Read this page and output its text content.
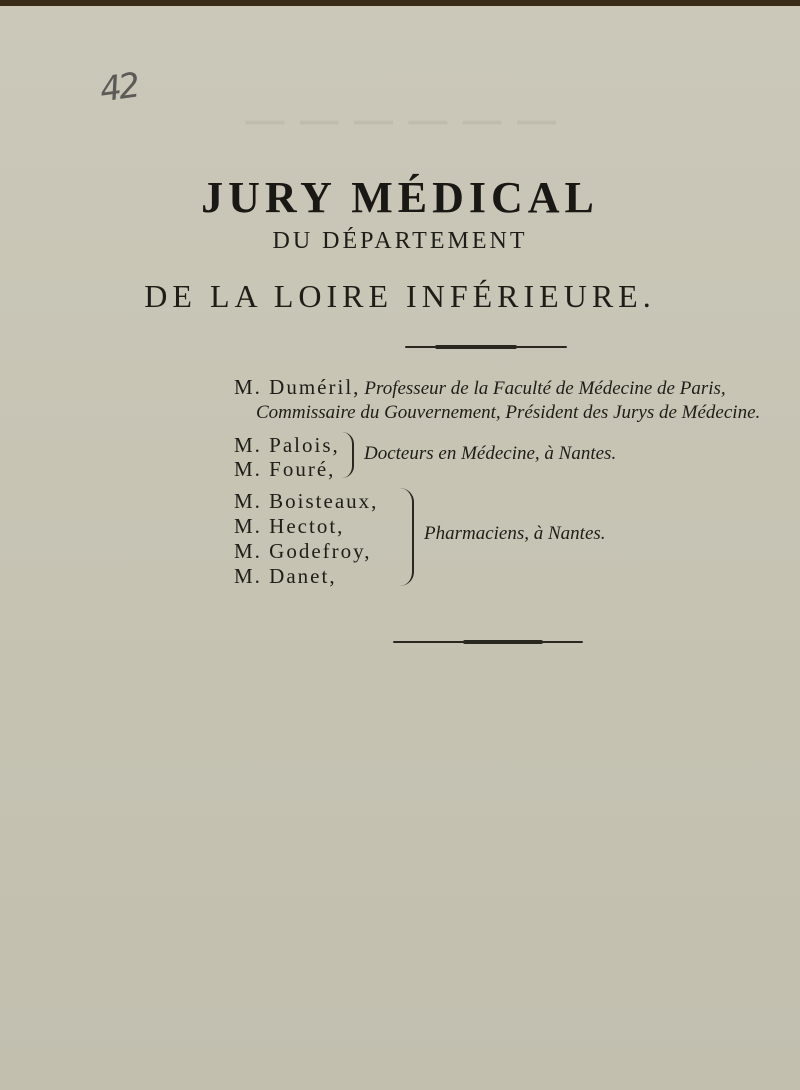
──────
42
JURY MÉDICAL
DU DÉPARTEMENT
DE LA LOIRE INFÉRIEURE.
M. Duméril, Professeur de la Faculté de Médecine de Paris,
Commissaire du Gouvernement, Président des Jurys de Médecine.
M. Palois,
M. Fouré,
Docteurs en Médecine, à Nantes.
M. Boisteaux,
M. Hectot,
M. Godefroy,
M. Danet,
Pharmaciens, à Nantes.
